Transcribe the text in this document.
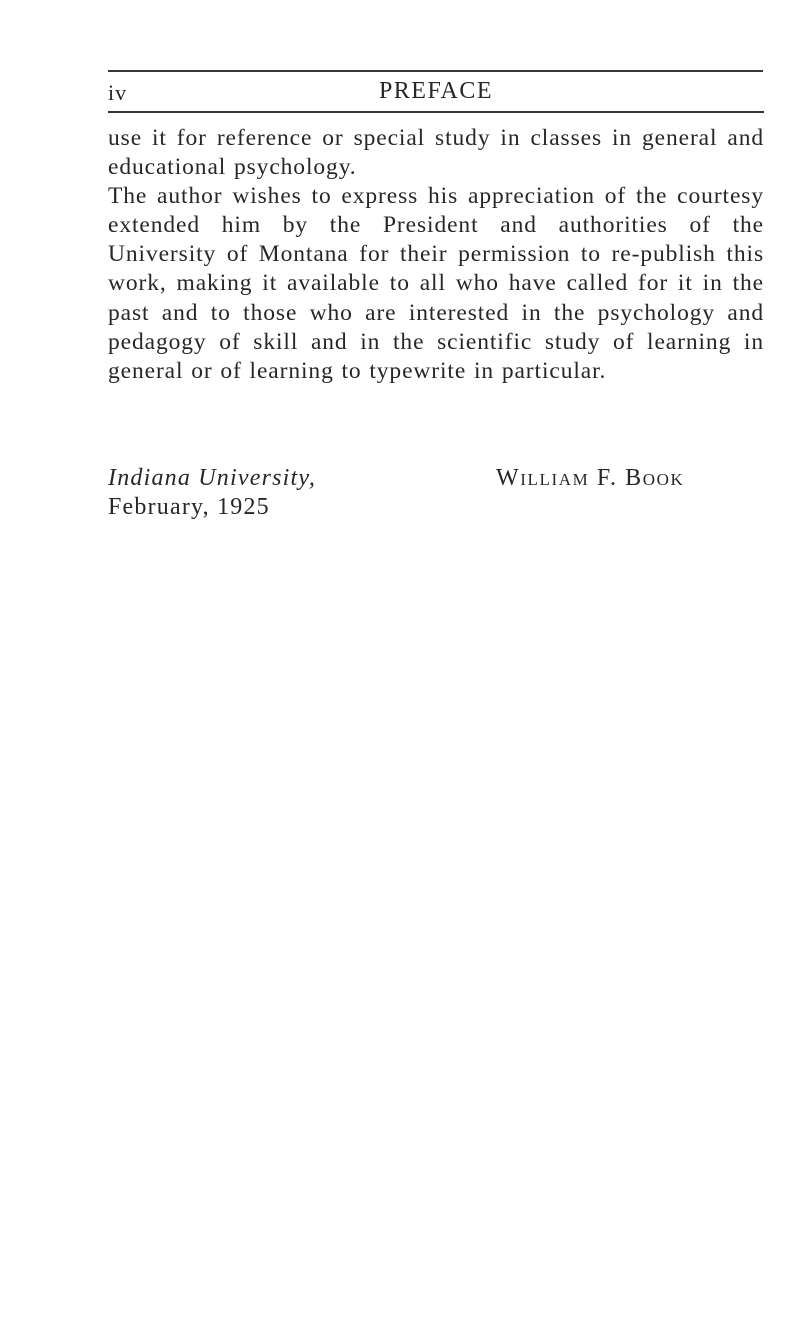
iv	PREFACE

use it for reference or special study in classes in general and educational psychology.

The author wishes to express his appreciation of the courtesy extended him by the President and authorities of the University of Montana for their permission to re-publish this work, making it available to all who have called for it in the past and to those who are interested in the psychology and pedagogy of skill and in the scientific study of learning in general or of learning to typewrite in particular.

Indiana University,
February, 1925
William F. Book
